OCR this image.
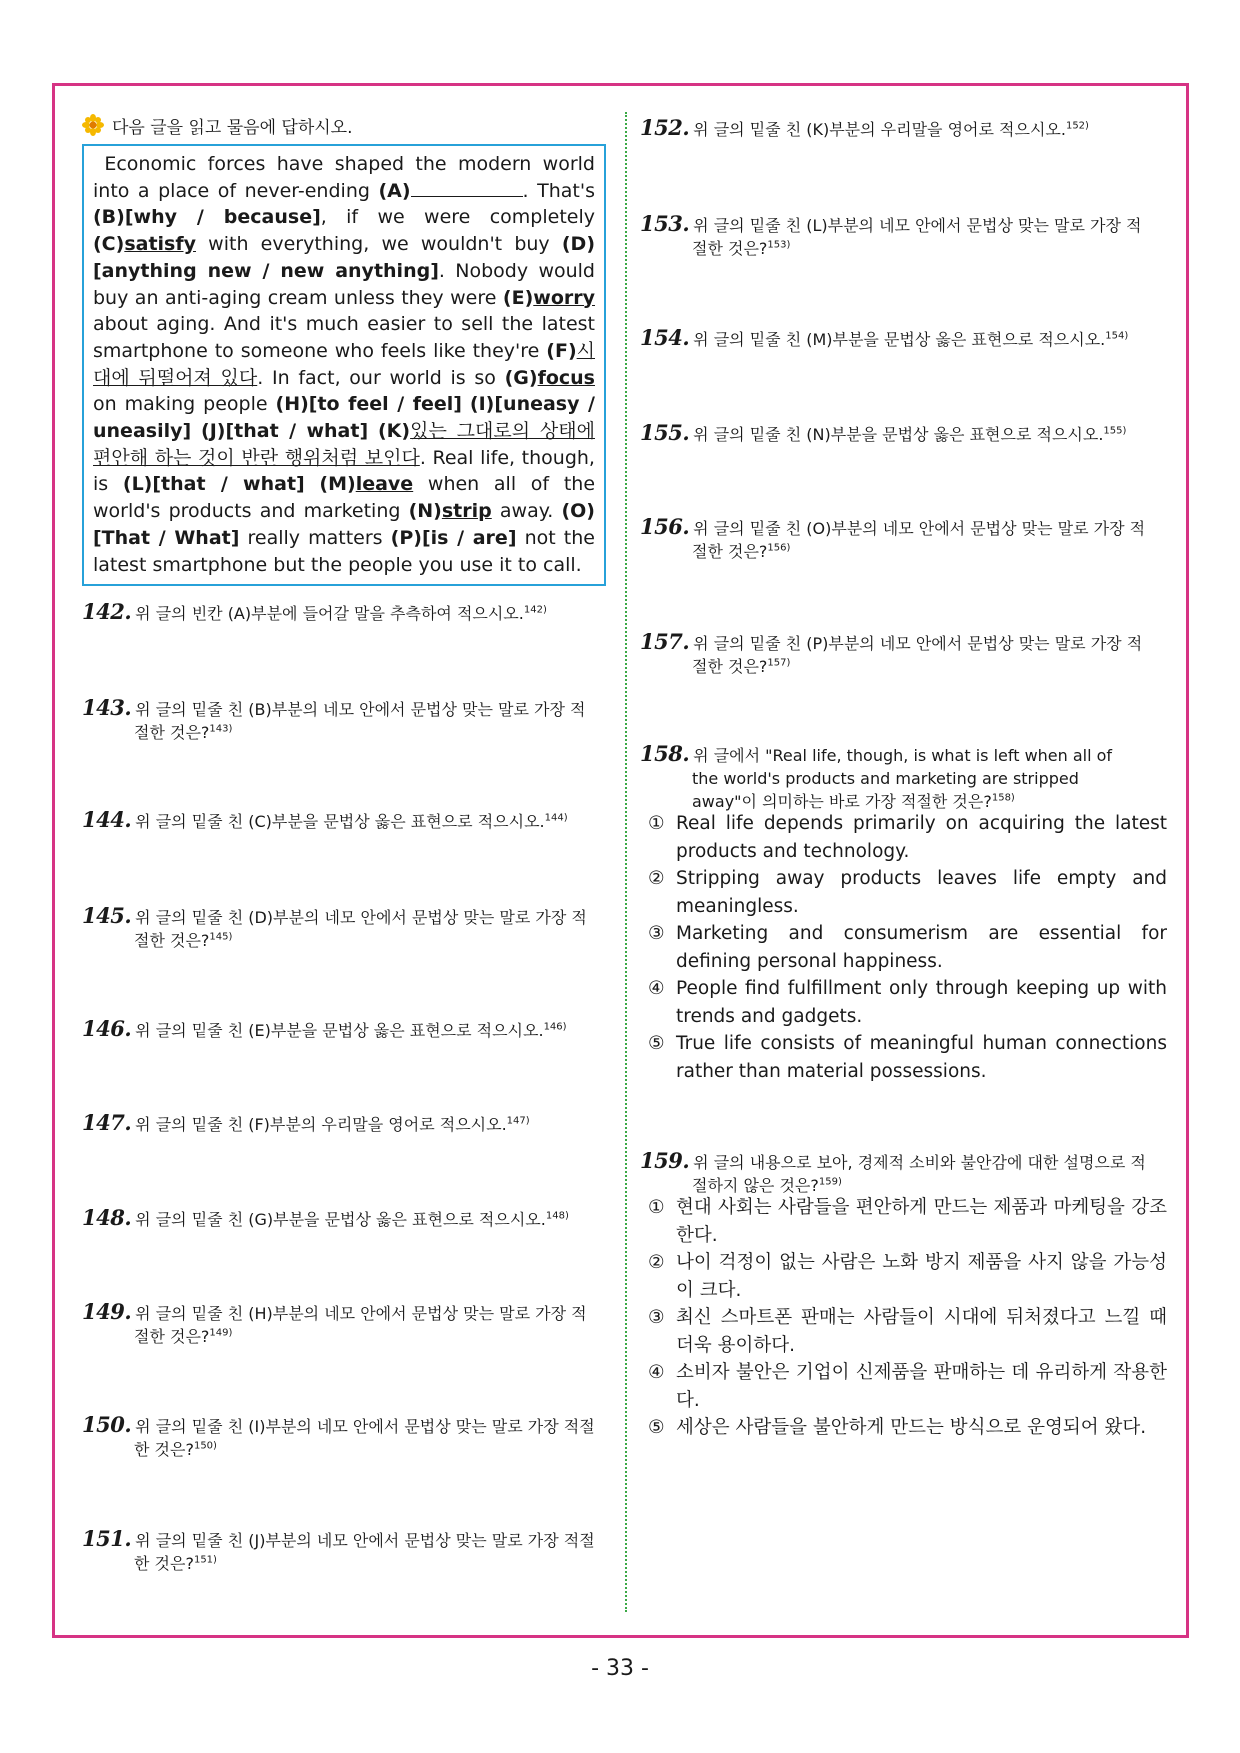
다음 글을 읽고 물음에 답하시오.
Economic forces have shaped the modern world into a place of never-ending (A)	. That's (B)[why / because], if we were completely (C)satisfy with everything, we wouldn't buy (D)[anything new / new anything]. Nobody would buy an anti-aging cream unless they were (E)worry about aging. And it's much easier to sell the latest smartphone to someone who feels like they're (F)시대에 뒤떨어져 있다. In fact, our world is so (G)focus on making people (H)[to feel / feel] (I)[uneasy / uneasily] (J)[that / what] (K)있는 그대로의 상태에 편안해 하는 것이 반란 행위처럼 보인다. Real life, though, is (L)[that / what] (M)leave when all of the world's products and marketing (N)strip away. (O)[That / What] really matters (P)[is / are] not the latest smartphone but the people you use it to call.
142. 위 글의 빈칸 (A)부분에 들어갈 말을 추측하여 적으시오.$^{142)}$
143. 위 글의 밑줄 친 (B)부분의 네모 안에서 문법상 맞는 말로 가장 적
절한 것은?$^{143)}$
144. 위 글의 밑줄 친 (C)부분을 문법상 옳은 표현으로 적으시오.$^{144)}$
145. 위 글의 밑줄 친 (D)부분의 네모 안에서 문법상 맞는 말로 가장 적
절한 것은?$^{145)}$
146. 위 글의 밑줄 친 (E)부분을 문법상 옳은 표현으로 적으시오.$^{146)}$
147. 위 글의 밑줄 친 (F)부분의 우리말을 영어로 적으시오.$^{147)}$
148. 위 글의 밑줄 친 (G)부분을 문법상 옳은 표현으로 적으시오.$^{148)}$
149. 위 글의 밑줄 친 (H)부분의 네모 안에서 문법상 맞는 말로 가장 적
절한 것은?$^{149)}$
150. 위 글의 밑줄 친 (I)부분의 네모 안에서 문법상 맞는 말로 가장 적절
한 것은?$^{150)}$
151. 위 글의 밑줄 친 (J)부분의 네모 안에서 문법상 맞는 말로 가장 적절
한 것은?$^{151)}$
152. 위 글의 밑줄 친 (K)부분의 우리말을 영어로 적으시오.$^{152)}$
153. 위 글의 밑줄 친 (L)부분의 네모 안에서 문법상 맞는 말로 가장 적
절한 것은?$^{153)}$
154. 위 글의 밑줄 친 (M)부분을 문법상 옳은 표현으로 적으시오.$^{154)}$
155. 위 글의 밑줄 친 (N)부분을 문법상 옳은 표현으로 적으시오.$^{155)}$
156. 위 글의 밑줄 친 (O)부분의 네모 안에서 문법상 맞는 말로 가장 적
절한 것은?$^{156)}$
157. 위 글의 밑줄 친 (P)부분의 네모 안에서 문법상 맞는 말로 가장 적
절한 것은?$^{157)}$
158. 위 글에서 "Real life, though, is what is left when all of
the world's products and marketing are stripped
away"이 의미하는 바로 가장 적절한 것은?$^{158)}$
① Real life depends primarily on acquiring the latest products and technology.
② Stripping away products leaves life empty and meaningless.
③ Marketing and consumerism are essential for defining personal happiness.
④ People find fulfillment only through keeping up with trends and gadgets.
⑤ True life consists of meaningful human connections rather than material possessions.
159. 위 글의 내용으로 보아, 경제적 소비와 불안감에 대한 설명으로 적
절하지 않은 것은?$^{159)}$
① 현대 사회는 사람들을 편안하게 만드는 제품과 마케팅을 강조한다.
② 나이 걱정이 없는 사람은 노화 방지 제품을 사지 않을 가능성이 크다.
③ 최신 스마트폰 판매는 사람들이 시대에 뒤처졌다고 느낄 때 더욱 용이하다.
④ 소비자 불안은 기업이 신제품을 판매하는 데 유리하게 작용한다.
⑤ 세상은 사람들을 불안하게 만드는 방식으로 운영되어 왔다.
- 33 -
